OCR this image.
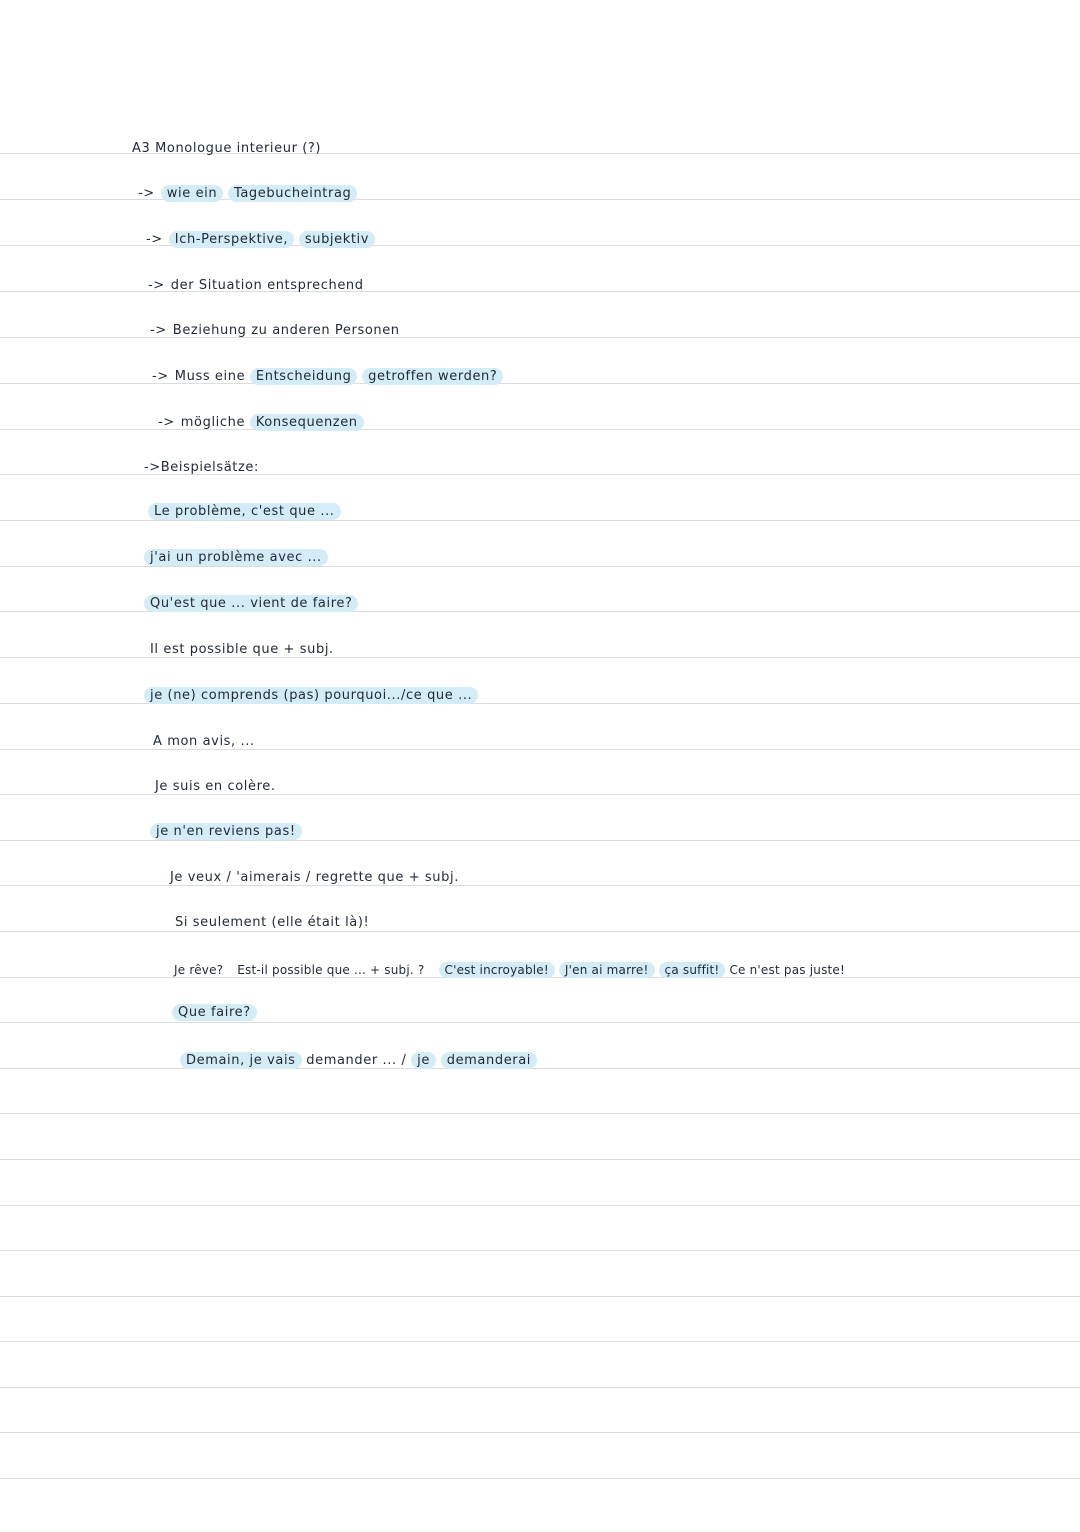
A3 Monologue interieur (?)
-> wie ein Tagebucheintrag
-> Ich-Perspektive, subjektiv
-> der Situation entsprechend
-> Beziehung zu anderen Personen
-> Muss eine Entscheidung getroffen werden?
-> mögliche Konsequenzen
->Beispielsätze:
Le problème, c'est que ...
j'ai un problème avec ...
Qu'est que ... vient de faire?
Il est possible que + subj.
je (ne) comprends (pas) pourquoi.../ce que ...
A mon avis, ...
Je suis en colère.
je n'en reviens pas!
Je veux / 'aimerais / regrette que + subj.
Si seulement (elle était là)!
Je rêve? Est-il possible que ... + subj. ? C'est incroyable! J'en ai marre! ça suffit! Ce n'est pas juste!
Que faire?
Demain, je vais demander ... / je demanderai
